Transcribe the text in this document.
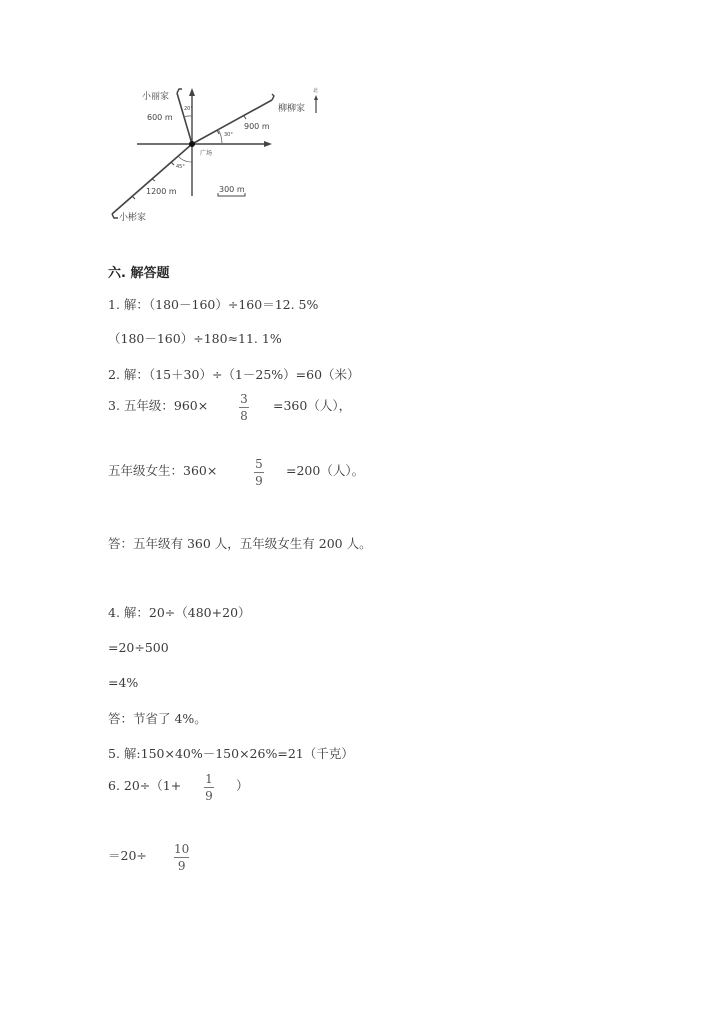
小丽家
600 m
20°	柳柳家
900 m
30°
小彬家
1200 m
45°
广场
300 m
北
六. 解答题
1. 解：（180－160）÷160＝12. 5%
（180－160）÷180≈11. 1%
2. 解：（15＋30）÷（1－25%）=60（米）
3. 五年级：960×	3
8
=360（人），
五年级女生：360×	5
9
=200（人）。
答：五年级有 360 人，五年级女生有 200 人。
4. 解：20÷（480+20）
=20÷500
=4%
答：节省了 4%。
5. 解:150×40%－150×26%=21（千克）
6. 20÷（1+ 1
9
）
＝20÷ 10
9
